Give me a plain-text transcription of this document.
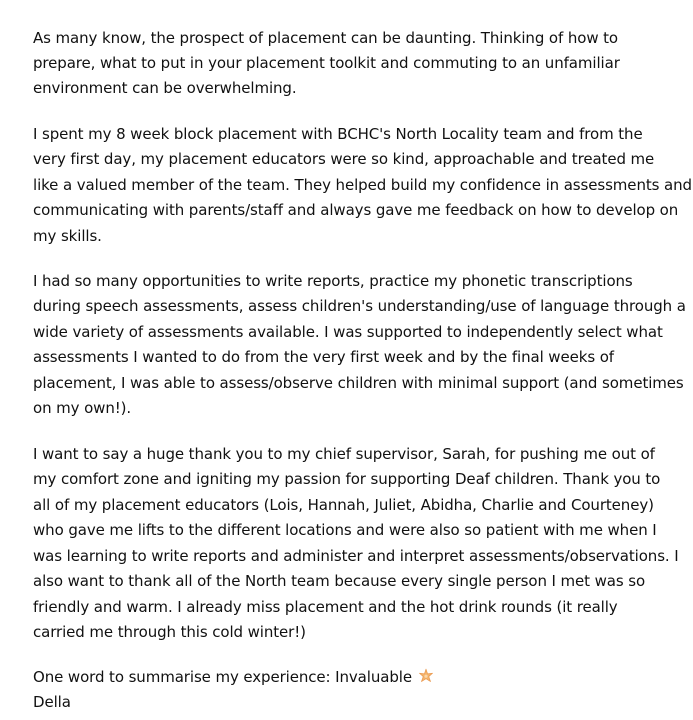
As many know, the prospect of placement can be daunting. Thinking of how to
prepare, what to put in your placement toolkit and commuting to an unfamiliar
environment can be overwhelming.
I spent my 8 week block placement with BCHC's North Locality team and from the
very first day, my placement educators were so kind, approachable and treated me
like a valued member of the team. They helped build my confidence in assessments and
communicating with parents/staff and always gave me feedback on how to develop on
my skills.
I had so many opportunities to write reports, practice my phonetic transcriptions
during speech assessments, assess children's understanding/use of language through a
wide variety of assessments available. I was supported to independently select what
assessments I wanted to do from the very first week and by the final weeks of
placement, I was able to assess/observe children with minimal support (and sometimes
on my own!).
I want to say a huge thank you to my chief supervisor, Sarah, for pushing me out of
my comfort zone and igniting my passion for supporting Deaf children. Thank you to
all of my placement educators (Lois, Hannah, Juliet, Abidha, Charlie and Courteney)
who gave me lifts to the different locations and were also so patient with me when I
was learning to write reports and administer and interpret assessments/observations. I
also want to thank all of the North team because every single person I met was so
friendly and warm. I already miss placement and the hot drink rounds (it really
carried me through this cold winter!)
One word to summarise my experience: Invaluable
Della
